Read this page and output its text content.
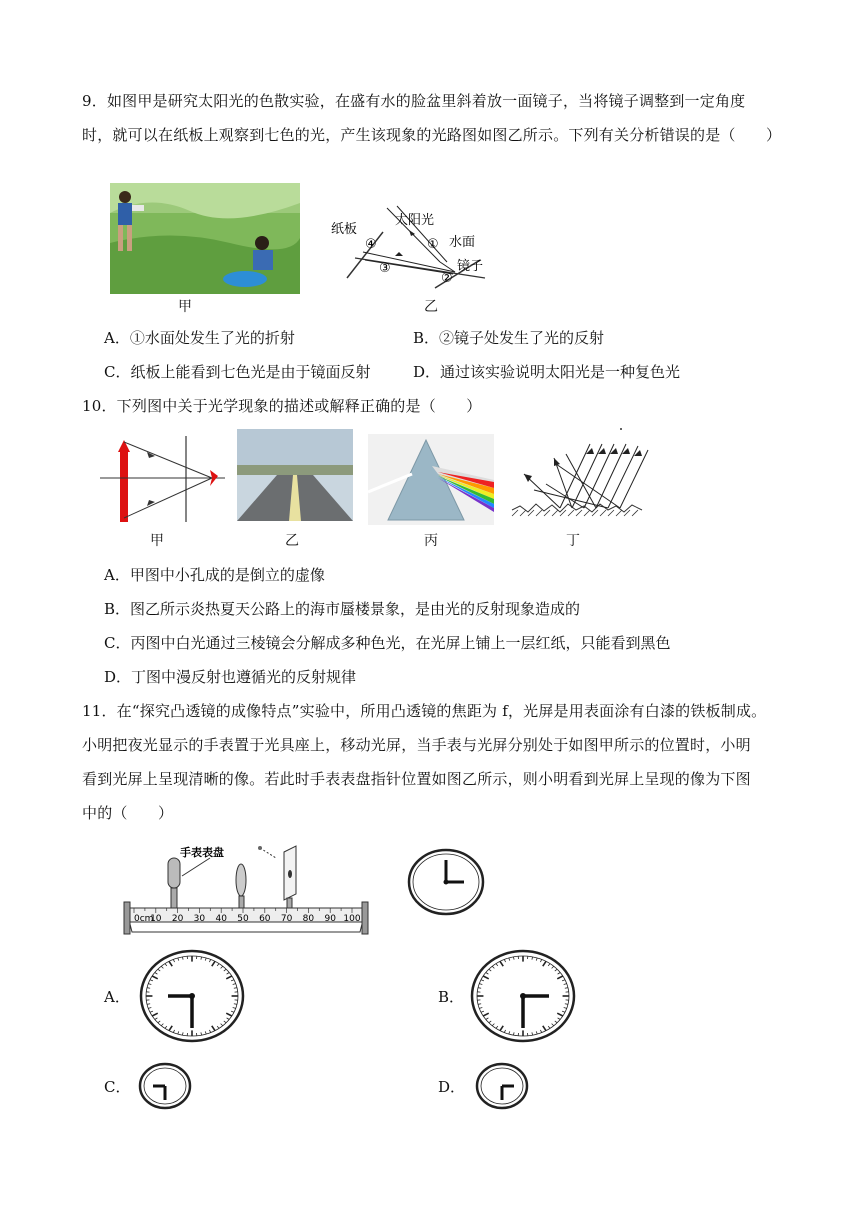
9．如图甲是研究太阳光的色散实验，在盛有水的脸盆里斜着放一面镜子，当将镜子调整到一定角度
时，就可以在纸板上观察到七色的光，产生该现象的光路图如图乙所示。下列有关分析错误的是（　　）
甲
纸板
太阳光
① 水面
镜子
②
③
④
乙
A．①水面处发生了光的折射	B．②镜子处发生了光的反射
C．纸板上能看到七色光是由于镜面反射	D．通过该实验说明太阳光是一种复色光
10．下列图中关于光学现象的描述或解释正确的是（　　）
甲	乙	丙	丁
A．甲图中小孔成的是倒立的虚像
B．图乙所示炎热夏天公路上的海市蜃楼景象，是由光的反射现象造成的
C．丙图中白光通过三棱镜会分解成多种色光，在光屏上铺上一层红纸，只能看到黑色
D．丁图中漫反射也遵循光的反射规律
11．在“探究凸透镜的成像特点”实验中，所用凸透镜的焦距为 f，光屏是用表面涂有白漆的铁板制成。
小明把夜光显示的手表置于光具座上，移动光屏，当手表与光屏分别处于如图甲所示的位置时，小明
看到光屏上呈现清晰的像。若此时手表表盘指针位置如图乙所示，则小明看到光屏上呈现的像为下图
中的（　　）
手表表盘
0cm
10 20 30 40 50 60 70 80 90 100
A．	B．
C．	D．
